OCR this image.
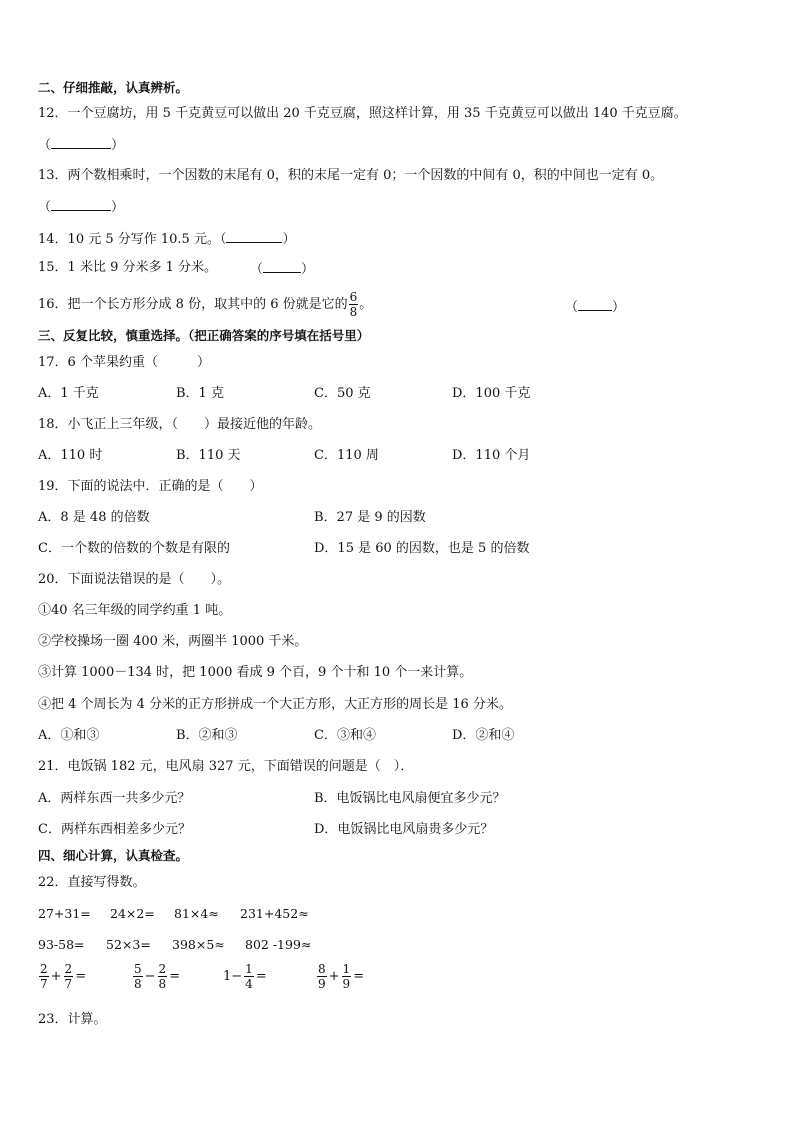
二、仔细推敲，认真辨析。
12．一个豆腐坊，用 5 千克黄豆可以做出 20 千克豆腐，照这样计算，用 35 千克黄豆可以做出 140 千克豆腐。
（	）
13．两个数相乘时，一个因数的末尾有 0，积的末尾一定有 0；一个因数的中间有 0，积的中间也一定有 0。
（	）
14．10 元 5 分写作 10.5 元。（	）
15．1 米比 9 分米多 1 分米。	（	）
16．把一个长方形分成 8 份，取其中的 6 份就是它的 $\frac{6}{8}$ 。	（	）
三、反复比较，慎重选择。（把正确答案的序号填在括号里）
17．6 个苹果约重（　　　）
A．1 千克	B．1 克	C．50 克	D．100 千克
18．小飞正上三年级，（　　）最接近他的年龄。
A．110 时	B．110 天	C．110 周	D．110 个月
19．下面的说法中．正确的是（　　）
A．8 是 48 的倍数	B．27 是 9 的因数
C．一个数的倍数的个数是有限的	D．15 是 60 的因数，也是 5 的倍数
20．下面说法错误的是（　　）。
①40 名三年级的同学约重 1 吨。
②学校操场一圈 400 米，两圈半 1000 千米。
③计算 1000－134 时，把 1000 看成 9 个百，9 个十和 10 个一来计算。
④把 4 个周长为 4 分米的正方形拼成一个大正方形，大正方形的周长是 16 分米。
A．①和③	B．②和③	C．③和④	D．②和④
21．电饭锅 182 元，电风扇 327 元，下面错误的问题是（　）．
A．两样东西一共多少元？	B．电饭锅比电风扇便宜多少元？
C．两样东西相差多少元？	D．电饭锅比电风扇贵多少元？
四、细心计算，认真检查。
22．直接写得数。
27+31= 24×2= 81×4≈ 231+452≈
93-58= 52×3= 398×5≈ 802 -199≈
$\frac{2}{7} + \frac{2}{7}$ =	$\frac{5}{8} - \frac{2}{8}$ =	$1- \frac{1}{4}$ =	$\frac{8}{9} + \frac{1}{9}$ =
23．计算。
